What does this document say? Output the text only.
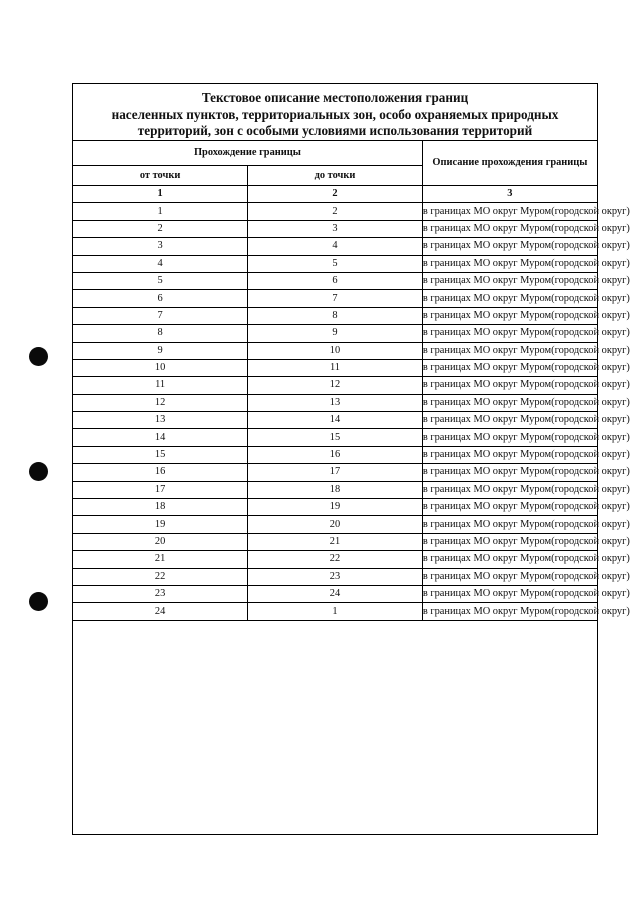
Текстовое описание местоположения границ
населенных пунктов, территориальных зон, особо охраняемых природных
территорий, зон с особыми условиями использования территорий
Прохождение границы		Описание прохождения границы
от точки	до точки	
1	2	3
1	2	в границах МО округ Муром(городской округ)
2	3	в границах МО округ Муром(городской округ)
3	4	в границах МО округ Муром(городской округ)
4	5	в границах МО округ Муром(городской округ)
5	6	в границах МО округ Муром(городской округ)
6	7	в границах МО округ Муром(городской округ)
7	8	в границах МО округ Муром(городской округ)
8	9	в границах МО округ Муром(городской округ)
9	10	в границах МО округ Муром(городской округ)
10	11	в границах МО округ Муром(городской округ)
11	12	в границах МО округ Муром(городской округ)
12	13	в границах МО округ Муром(городской округ)
13	14	в границах МО округ Муром(городской округ)
14	15	в границах МО округ Муром(городской округ)
15	16	в границах МО округ Муром(городской округ)
16	17	в границах МО округ Муром(городской округ)
17	18	в границах МО округ Муром(городской округ)
18	19	в границах МО округ Муром(городской округ)
19	20	в границах МО округ Муром(городской округ)
20	21	в границах МО округ Муром(городской округ)
21	22	в границах МО округ Муром(городской округ)
22	23	в границах МО округ Муром(городской округ)
23	24	в границах МО округ Муром(городской округ)
24	1	в границах МО округ Муром(городской округ)
